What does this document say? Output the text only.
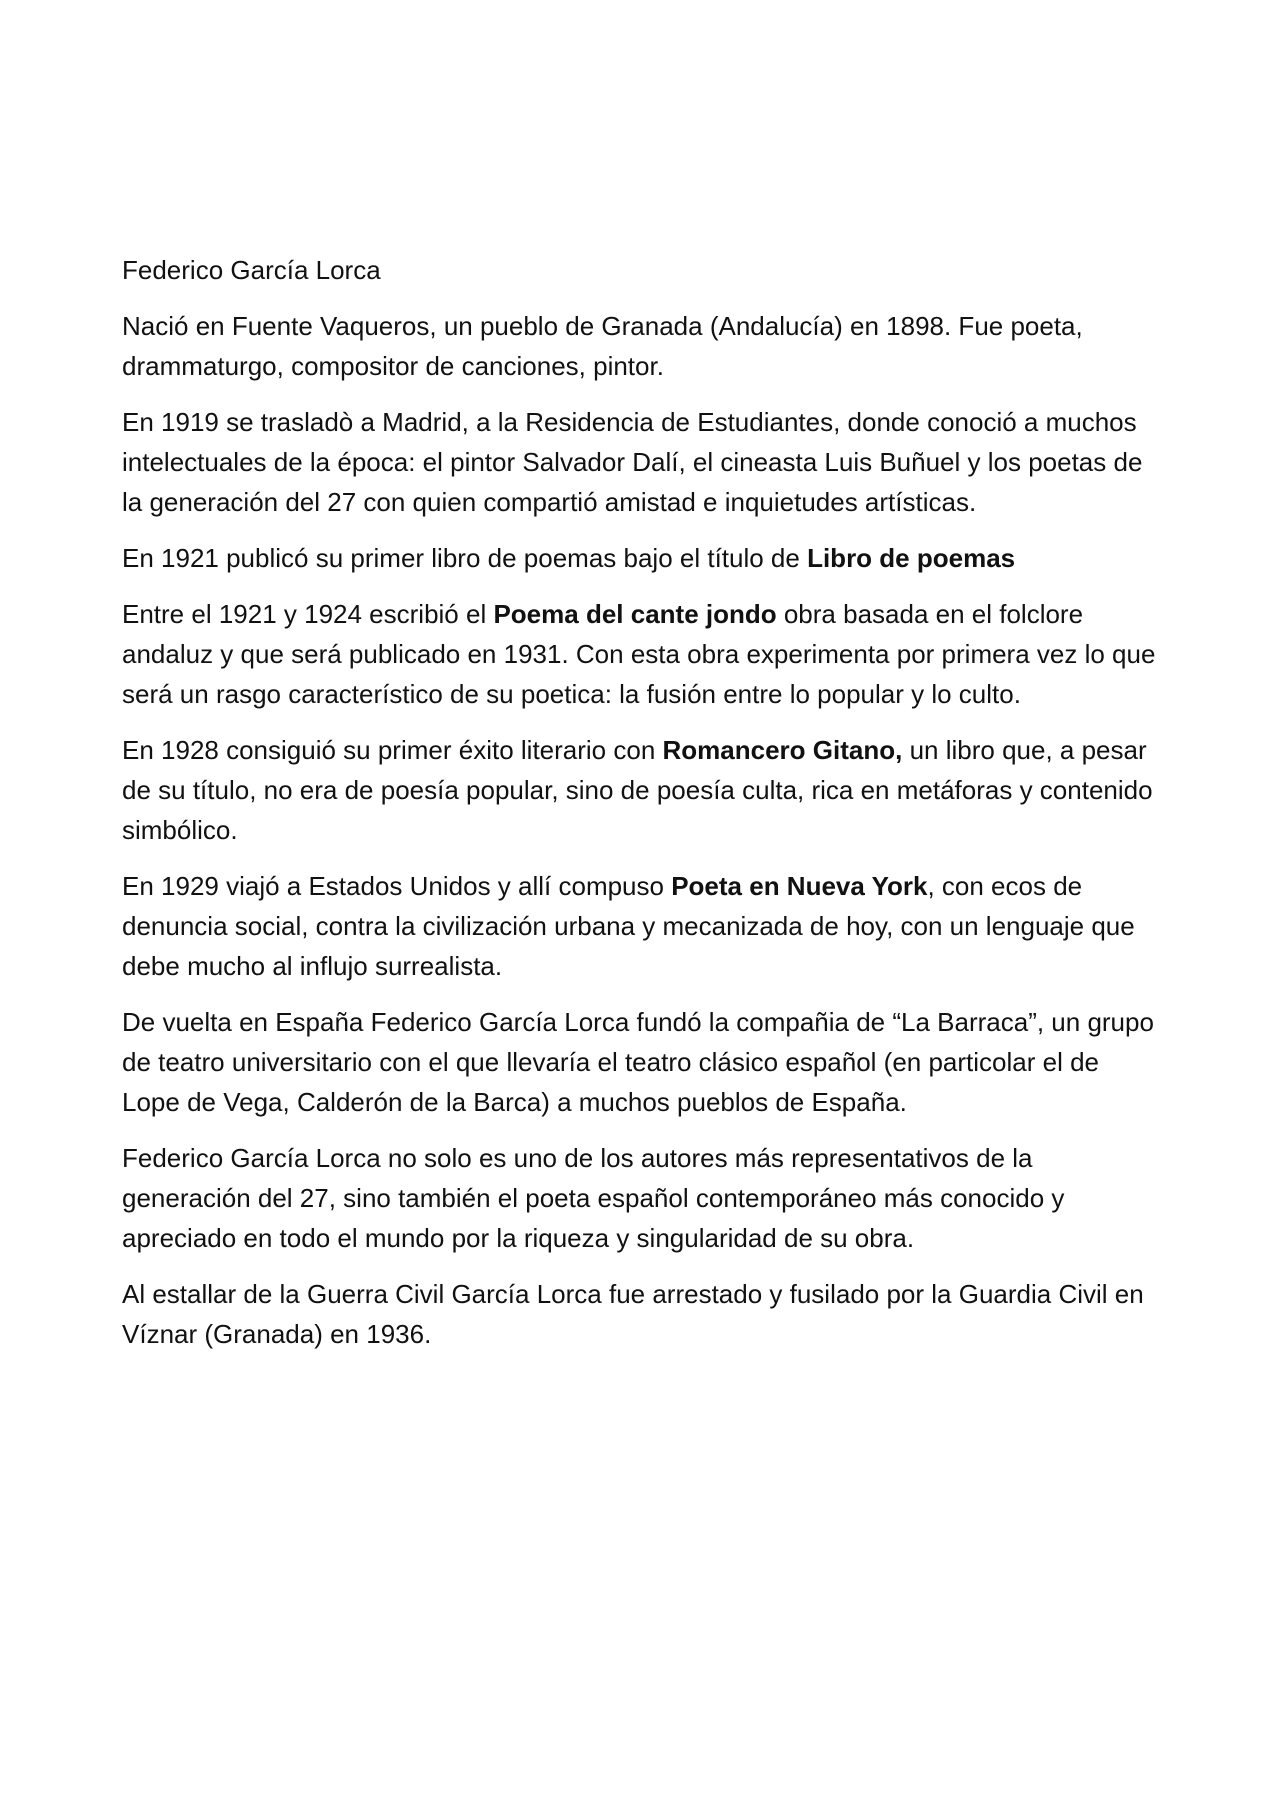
Federico García Lorca

Nació en Fuente Vaqueros, un pueblo de Granada (Andalucía) en 1898. Fue poeta, drammaturgo, compositor de canciones, pintor.

En 1919 se trasladò a Madrid, a la Residencia de Estudiantes, donde conoció a muchos intelectuales de la época: el pintor Salvador Dalí, el cineasta Luis Buñuel y los poetas de la generación del 27 con quien compartió amistad e inquietudes artísticas.

En 1921 publicó su primer libro de poemas bajo el título de Libro de poemas

Entre el 1921 y 1924 escribió el Poema del cante jondo obra basada en el folclore andaluz y que será publicado en 1931. Con esta obra experimenta por primera vez lo que será un rasgo característico de su poetica: la fusión entre lo popular y lo culto.

En 1928 consiguió su primer éxito literario con Romancero Gitano, un libro que, a pesar de su título, no era de poesía popular, sino de poesía culta, rica en metáforas y contenido simbólico.

En 1929 viajó a Estados Unidos y allí compuso Poeta en Nueva York, con ecos de denuncia social, contra la civilización urbana y mecanizada de hoy, con un lenguaje que debe mucho al influjo surrealista.

De vuelta en España Federico García Lorca fundó la compañia de “La Barraca”, un grupo de teatro universitario con el que llevaría el teatro clásico español (en particolar el de Lope de Vega, Calderón de la Barca) a muchos pueblos de España.

Federico García Lorca no solo es uno de los autores más representativos de la generación del 27, sino también el poeta español contemporáneo más conocido y apreciado en todo el mundo por la riqueza y singularidad de su obra.

Al estallar de la Guerra Civil García Lorca fue arrestado y fusilado por la Guardia Civil en Víznar (Granada) en 1936.
